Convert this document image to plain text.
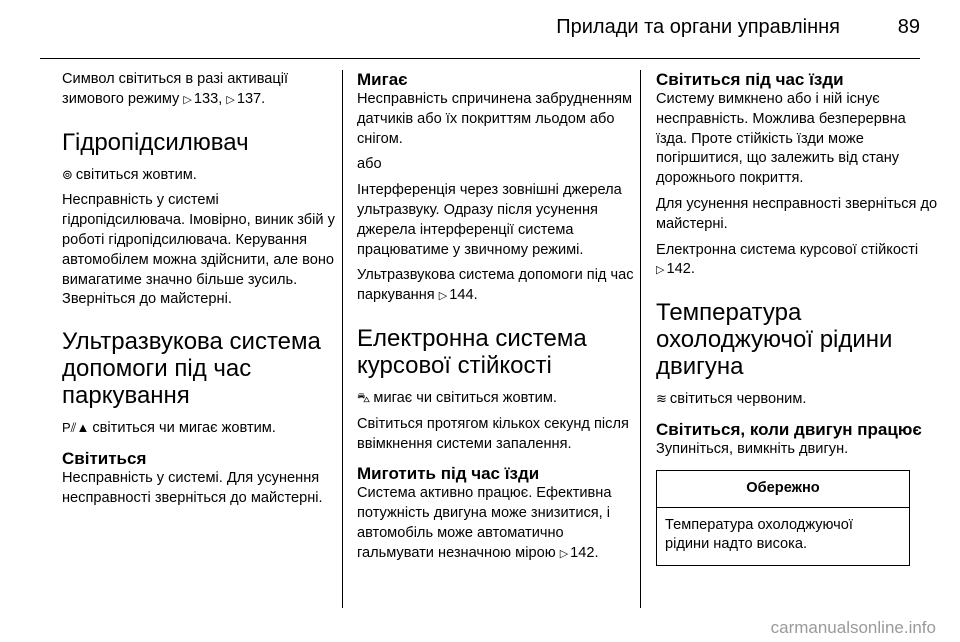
Прилади та органи управління	89

Символ світиться в разі активації зимового режиму ▷ 133, ▷ 137.

Гідропідсилювач

⊚ світиться жовтим.

Несправність у системі гідропідсилювача. Імовірно, виник збій у роботі гідропідсилювача. Керування автомобілем можна здійснити, але воно вимагатиме значно більше зусиль. Зверніться до майстерні.

Ультразвукова система допомоги під час паркування

P⫽▲ світиться чи мигає жовтим.

Світиться

Несправність у системі. Для усунення несправності зверніться до майстерні.

Мигає

Несправність спричинена забрудненням датчиків або їх покриттям льодом або снігом.

або

Інтерференція через зовнішні джерела ультразвуку. Одразу після усунення джерела інтерференції система працюватиме у звичному режимі.

Ультразвукова система допомоги під час паркування ▷ 144.

Електронна система курсової стійкості

⛍ мигає чи світиться жовтим.

Світиться протягом кількох секунд після ввімкнення системи запалення.

Миготить під час їзди

Система активно працює. Ефективна потужність двигуна може знизитися, і автомобіль може автоматично гальмувати незначною мірою ▷ 142.

Світиться під час їзди

Систему вимкнено або і ній існує несправність. Можлива безперервна їзда. Проте стійкість їзди може погіршитися, що залежить від стану дорожнього покриття.

Для усунення несправності зверніться до майстерні.

Електронна система курсової стійкості ▷ 142.

Температура охолоджуючої рідини двигуна

≋ світиться червоним.

Світиться, коли двигун працює

Зупиніться, вимкніть двигун.

Обережно
Температура охолоджуючої рідини надто висока.
carmanualsonline.info
